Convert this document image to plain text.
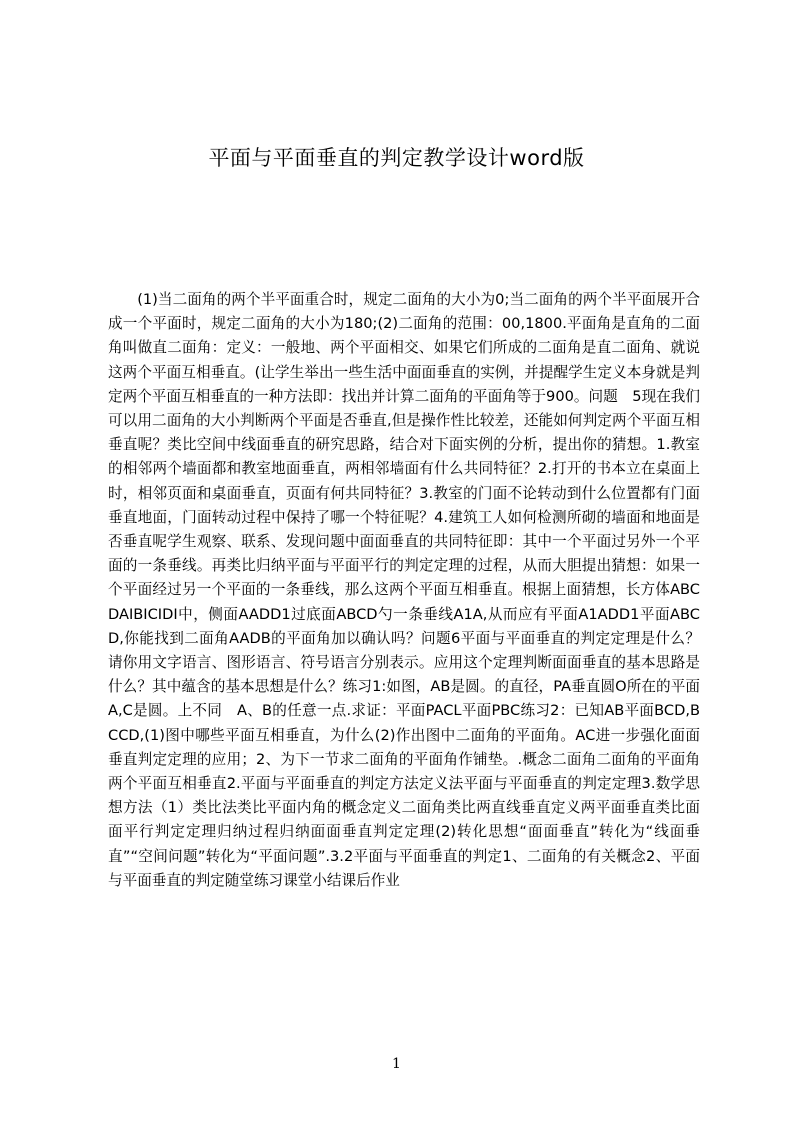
平面与平面垂直的判定教学设计word版

(1)当二面角的两个半平面重合时，规定二面角的大小为0;当二面角的两个半平面展开合成一个平面时，规定二面角的大小为180;(2)二面角的范围：00,1800.平面角是直角的二面角叫做直二面角：定义：一般地、两个平面相交、如果它们所成的二面角是直二面角、就说这两个平面互相垂直。(让学生举出一些生活中面面垂直的实例，并提醒学生定义本身就是判定两个平面互相垂直的一种方法即：找出并计算二面角的平面角等于900。问题　5现在我们可以用二面角的大小判断两个平面是否垂直,但是操作性比较差，还能如何判定两个平面互相垂直呢？类比空间中线面垂直的研究思路，结合对下面实例的分析，提出你的猜想。1.教室的相邻两个墙面都和教室地面垂直，两相邻墙面有什么共同特征？2.打开的书本立在桌面上时，相邻页面和桌面垂直，页面有何共同特征？3.教室的门面不论转动到什么位置都有门面垂直地面，门面转动过程中保持了哪一个特征呢？4.建筑工人如何检测所砌的墙面和地面是否垂直呢学生观察、联系、发现问题中面面垂直的共同特征即：其中一个平面过另外一个平面的一条垂线。再类比归纳平面与平面平行的判定定理的过程，从而大胆提出猜想：如果一个平面经过另一个平面的一条垂线，那么这两个平面互相垂直。根据上面猜想，长方体ABCDAIBICIDI中，侧面AADD1过底面ABCD勺一条垂线A1A,从而应有平面A1ADD1平面ABCD,你能找到二面角AADB的平面角加以确认吗？问题6平面与平面垂直的判定定理是什么？请你用文字语言、图形语言、符号语言分别表示。应用这个定理判断面面垂直的基本思路是什么？其中蕴含的基本思想是什么？练习1:如图，AB是圆。的直径，PA垂直圆O所在的平面A,C是圆。上不同　A、B的任意一点.求证：平面PACL平面PBC练习2：已知AB平面BCD,BCCD,(1)图中哪些平面互相垂直，为什么(2)作出图中二面角的平面角。AC进一步强化面面垂直判定定理的应用；2、为下一节求二面角的平面角作铺垫。.概念二面角二面角的平面角两个平面互相垂直2.平面与平面垂直的判定方法定义法平面与平面垂直的判定定理3.数学思想方法（1）类比法类比平面内角的概念定义二面角类比两直线垂直定义两平面垂直类比面面平行判定定理归纳过程归纳面面垂直判定定理(2)转化思想“面面垂直”转化为“线面垂直”“空间问题”转化为“平面问题”.3.2平面与平面垂直的判定1、二面角的有关概念2、平面与平面垂直的判定随堂练习课堂小结课后作业

1
